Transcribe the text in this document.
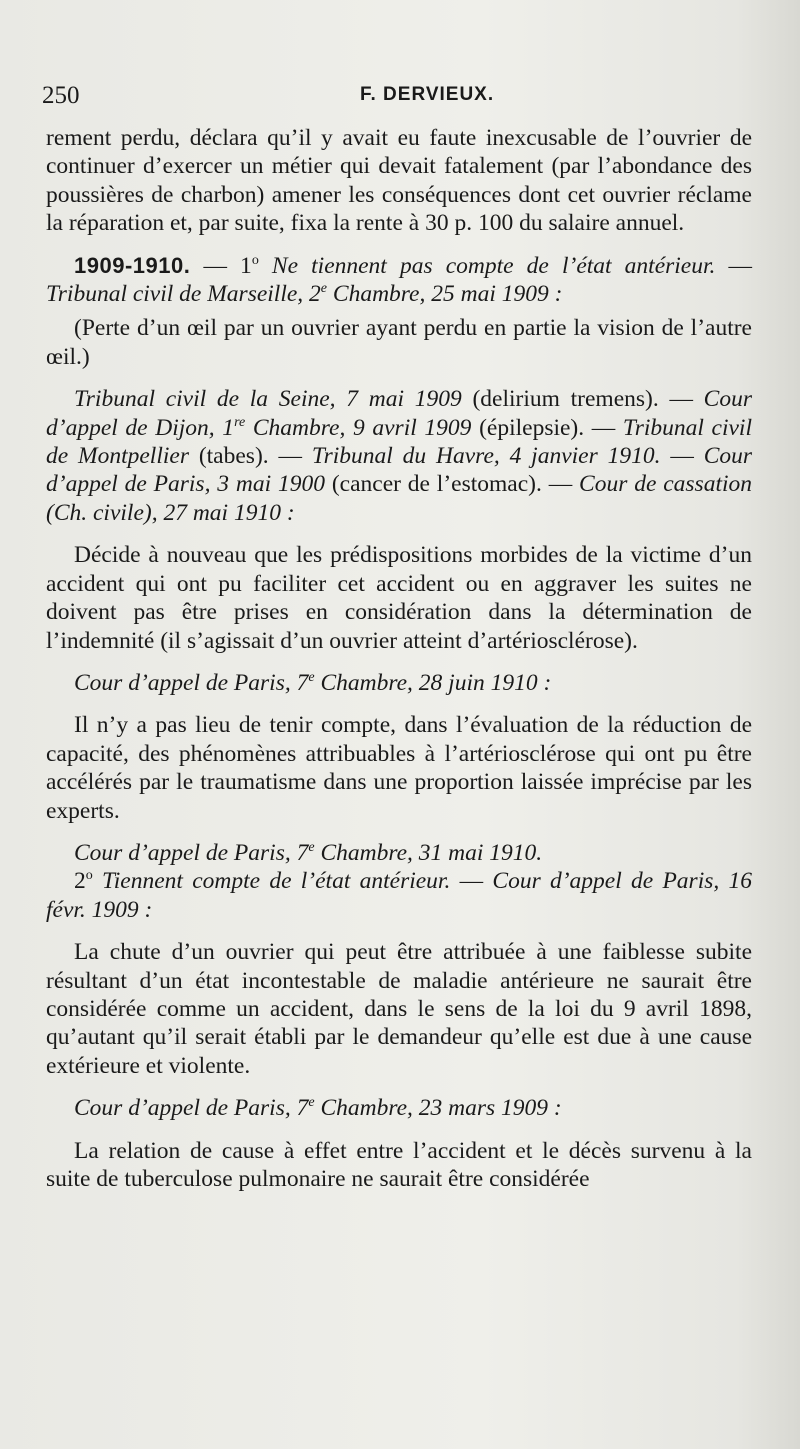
250	F. DERVIEUX.

rement perdu, déclara qu’il y avait eu faute inexcusable de l’ouvrier de continuer d’exercer un métier qui devait fatalement (par l’abondance des poussières de charbon) amener les conséquences dont cet ouvrier réclame la réparation et, par suite, fixa la rente à 30 p. 100 du salaire annuel.

1909-1910. — 1$^o$ Ne tiennent pas compte de l’état antérieur. — Tribunal civil de Marseille, 2e Chambre, 25 mai 1909 :

(Perte d’un œil par un ouvrier ayant perdu en partie la vision de l’autre œil.)

Tribunal civil de la Seine, 7 mai 1909 (delirium tremens). — Cour d’appel de Dijon, 1re Chambre, 9 avril 1909 (épilepsie). — Tribunal civil de Montpellier (tabes). — Tribunal du Havre, 4 janvier 1910. — Cour d’appel de Paris, 3 mai 1900 (cancer de l’estomac). — Cour de cassation (Ch. civile), 27 mai 1910 :

Décide à nouveau que les prédispositions morbides de la victime d’un accident qui ont pu faciliter cet accident ou en aggraver les suites ne doivent pas être prises en considération dans la détermination de l’indemnité (il s’agissait d’un ouvrier atteint d’artériosclérose).

Cour d’appel de Paris, 7e Chambre, 28 juin 1910 :

Il n’y a pas lieu de tenir compte, dans l’évaluation de la réduction de capacité, des phénomènes attribuables à l’artériosclérose qui ont pu être accélérés par le traumatisme dans une proportion laissée imprécise par les experts.

Cour d’appel de Paris, 7e Chambre, 31 mai 1910.

2$^o$ Tiennent compte de l’état antérieur. — Cour d’appel de Paris, 16 févr. 1909 :

La chute d’un ouvrier qui peut être attribuée à une faiblesse subite résultant d’un état incontestable de maladie antérieure ne saurait être considérée comme un accident, dans le sens de la loi du 9 avril 1898, qu’autant qu’il serait établi par le demandeur qu’elle est due à une cause extérieure et violente.

Cour d’appel de Paris, 7e Chambre, 23 mars 1909 :

La relation de cause à effet entre l’accident et le décès survenu à la suite de tuberculose pulmonaire ne saurait être considérée
